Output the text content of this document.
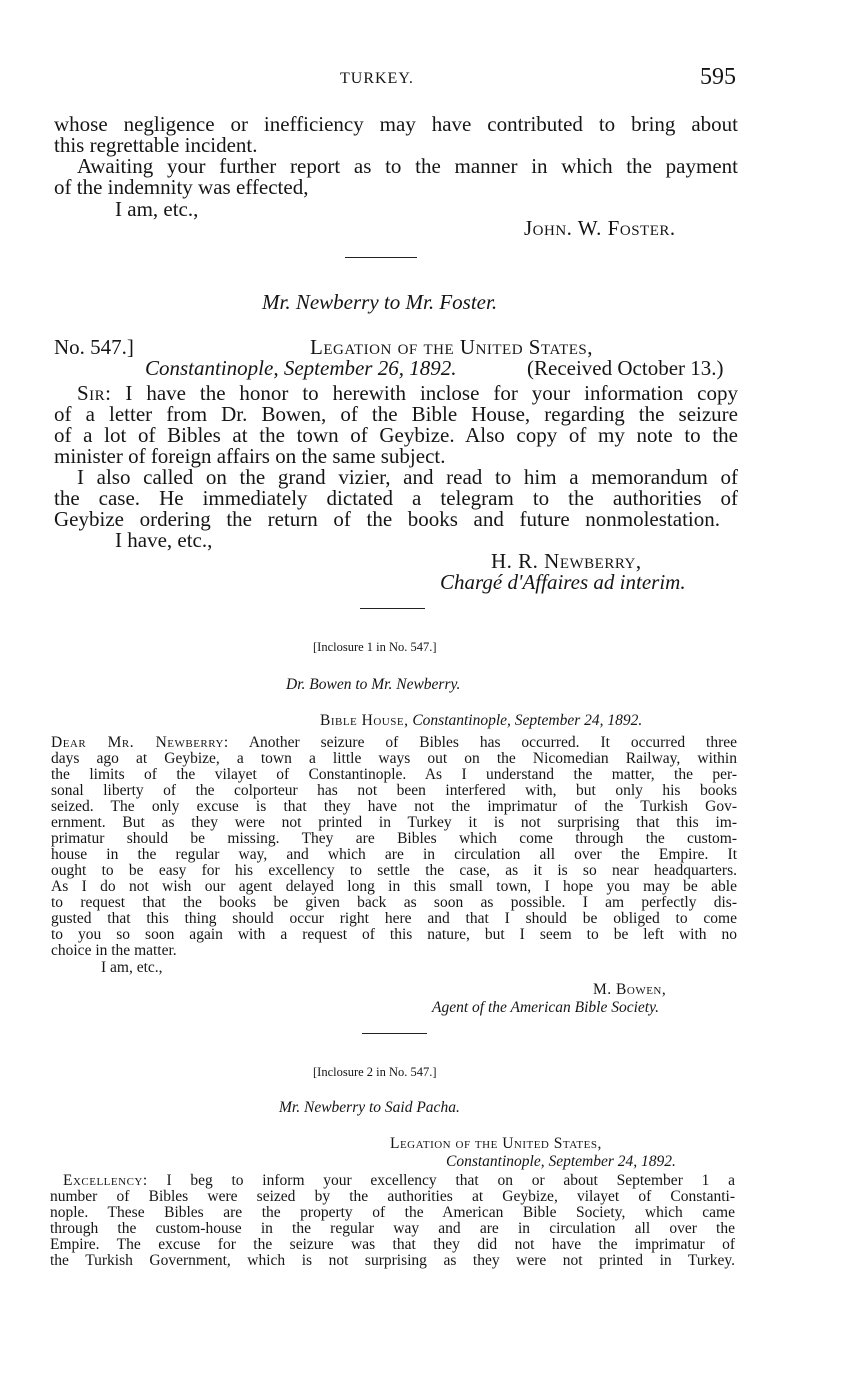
TURKEY.	595
whose negligence or inefficiency may have contributed to bring about
this regrettable incident.
Awaiting your further report as to the manner in which the payment
of the indemnity was effected,
I am, etc.,
John. W. Foster.
Mr. Newberry to Mr. Foster.
No. 547.]	Legation of the United States,
Constantinople, September 26, 1892.	(Received October 13.)
Sir: I have the honor to herewith inclose for your information copy
of a letter from Dr. Bowen, of the Bible House, regarding the seizure
of a lot of Bibles at the town of Geybize. Also copy of my note to the
minister of foreign affairs on the same subject.
I also called on the grand vizier, and read to him a memorandum of
the case. He immediately dictated a telegram to the authorities of
Geybize ordering the return of the books and future nonmolestation.
I have, etc.,
H. R. Newberry,
Chargé d'Affaires ad interim.
[Inclosure 1 in No. 547.]
Dr. Bowen to Mr. Newberry.
Bible House, Constantinople, September 24, 1892.
Dear Mr. Newberry: Another seizure of Bibles has occurred. It occurred three
days ago at Geybize, a town a little ways out on the Nicomedian Railway, within
the limits of the vilayet of Constantinople. As I understand the matter, the per-
sonal liberty of the colporteur has not been interfered with, but only his books
seized. The only excuse is that they have not the imprimatur of the Turkish Gov-
ernment. But as they were not printed in Turkey it is not surprising that this im-
primatur should be missing. They are Bibles which come through the custom-
house in the regular way, and which are in circulation all over the Empire. It
ought to be easy for his excellency to settle the case, as it is so near headquarters.
As I do not wish our agent delayed long in this small town, I hope you may be able
to request that the books be given back as soon as possible. I am perfectly dis-
gusted that this thing should occur right here and that I should be obliged to come
to you so soon again with a request of this nature, but I seem to be left with no
choice in the matter.
I am, etc.,
M. Bowen,
Agent of the American Bible Society.
[Inclosure 2 in No. 547.]
Mr. Newberry to Said Pacha.
Legation of the United States,
Constantinople, September 24, 1892.
Excellency: I beg to inform your excellency that on or about September 1 a
number of Bibles were seized by the authorities at Geybize, vilayet of Constanti-
nople. These Bibles are the property of the American Bible Society, which came
through the custom-house in the regular way and are in circulation all over the
Empire. The excuse for the seizure was that they did not have the imprimatur of
the Turkish Government, which is not surprising as they were not printed in Turkey.
